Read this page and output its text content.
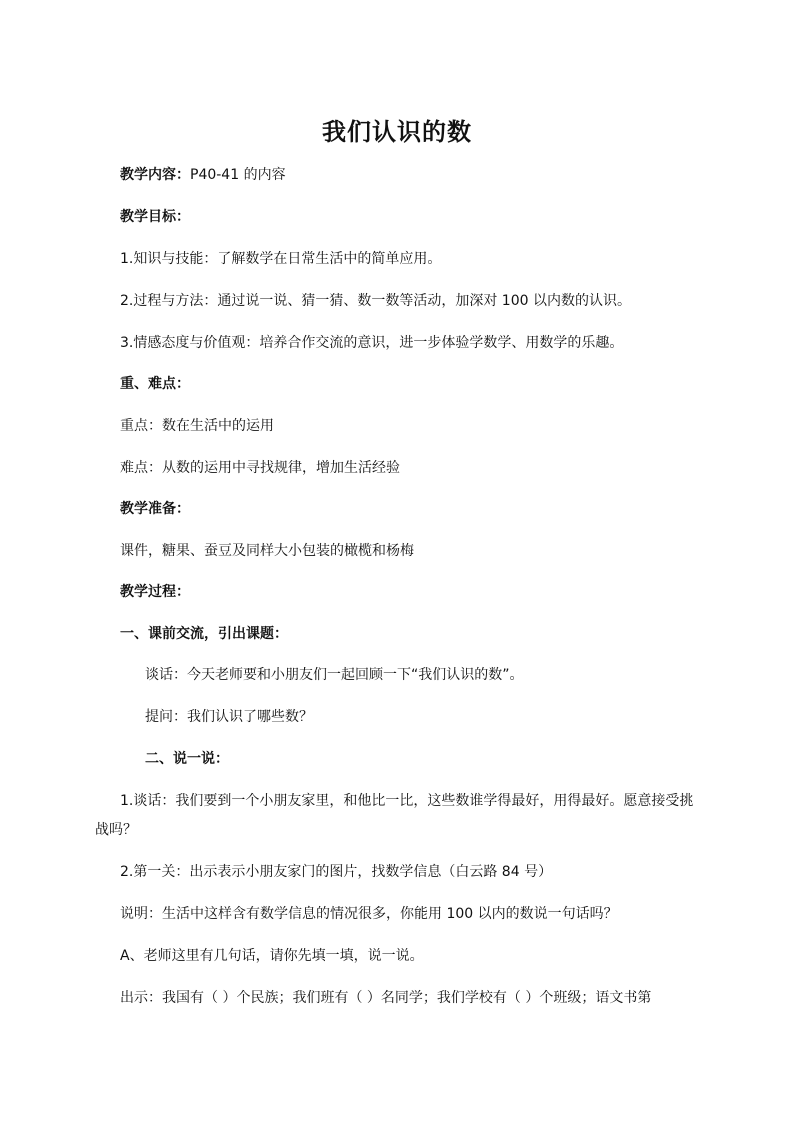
我们认识的数
教学内容：P40-41 的内容
教学目标：
1.知识与技能：了解数学在日常生活中的简单应用。
2.过程与方法：通过说一说、猜一猜、数一数等活动，加深对 100 以内数的认识。
3.情感态度与价值观：培养合作交流的意识，进一步体验学数学、用数学的乐趣。
重、难点：
重点：数在生活中的运用
难点：从数的运用中寻找规律，增加生活经验
教学准备：
课件，糖果、蚕豆及同样大小包装的橄榄和杨梅
教学过程：
一、课前交流，引出课题：
谈话：今天老师要和小朋友们一起回顾一下“我们认识的数”。
提问：我们认识了哪些数？
二、说一说：
1.谈话：我们要到一个小朋友家里，和他比一比，这些数谁学得最好，用得最好。愿意接受挑
战吗？
2.第一关：出示表示小朋友家门的图片，找数学信息（白云路 84 号）
说明：生活中这样含有数学信息的情况很多，你能用 100 以内的数说一句话吗？
A、老师这里有几句话，请你先填一填，说一说。
出示：我国有（ ）个民族；我们班有（ ）名同学；我们学校有（ ）个班级；语文书第
